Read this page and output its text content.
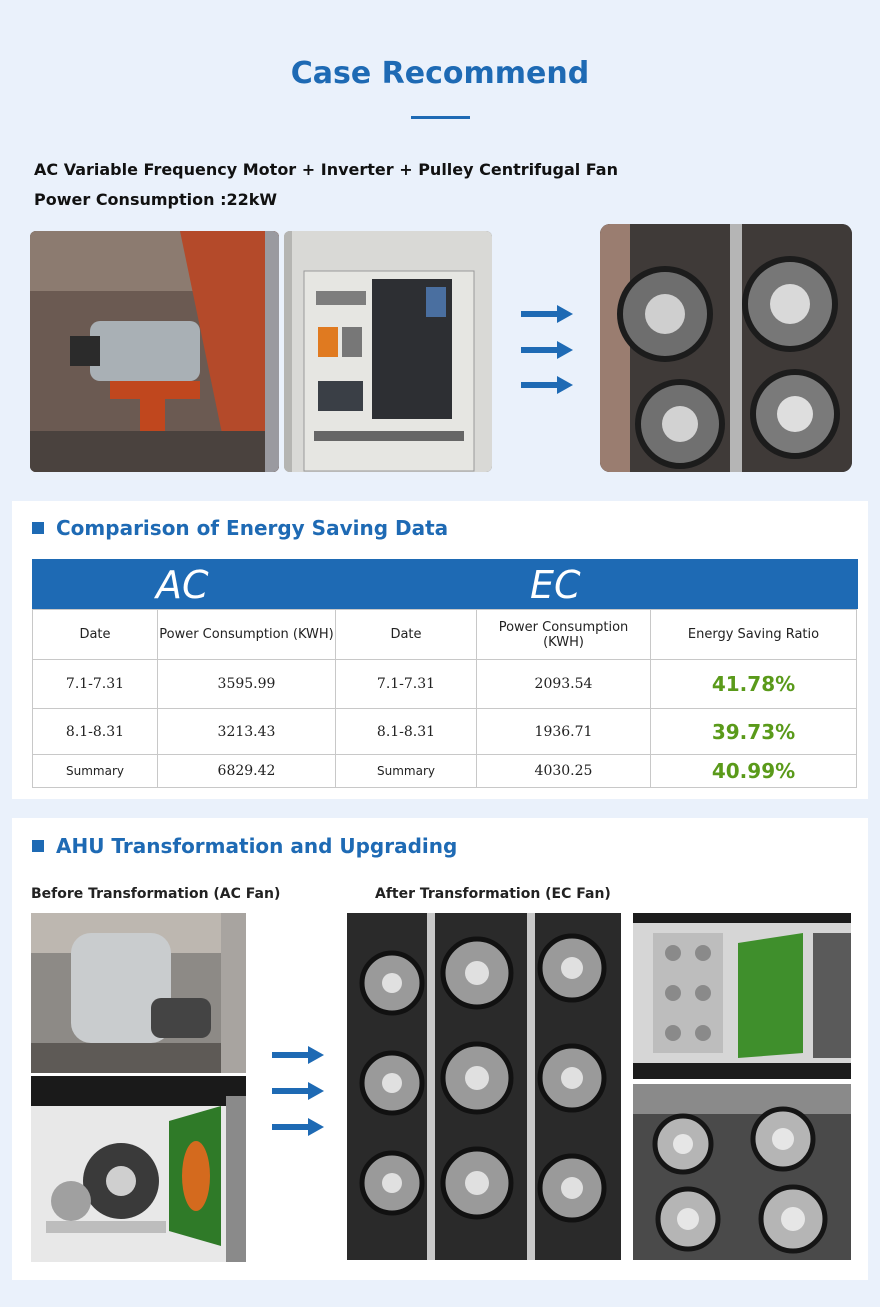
Case Recommend
AC Variable Frequency Motor + Inverter + Pulley Centrifugal Fan
Power Consumption :22kW
Comparison of Energy Saving Data
AC	EC
Date	Power Consumption (KWH)	Date	Power Consumption (KWH)	Energy Saving Ratio
7.1-7.31	3595.99	7.1-7.31	2093.54	41.78%
8.1-8.31	3213.43	8.1-8.31	1936.71	39.73%
Summary	6829.42	Summary	4030.25	40.99%
AHU Transformation and Upgrading
Before Transformation (AC Fan)	After Transformation (EC Fan)
